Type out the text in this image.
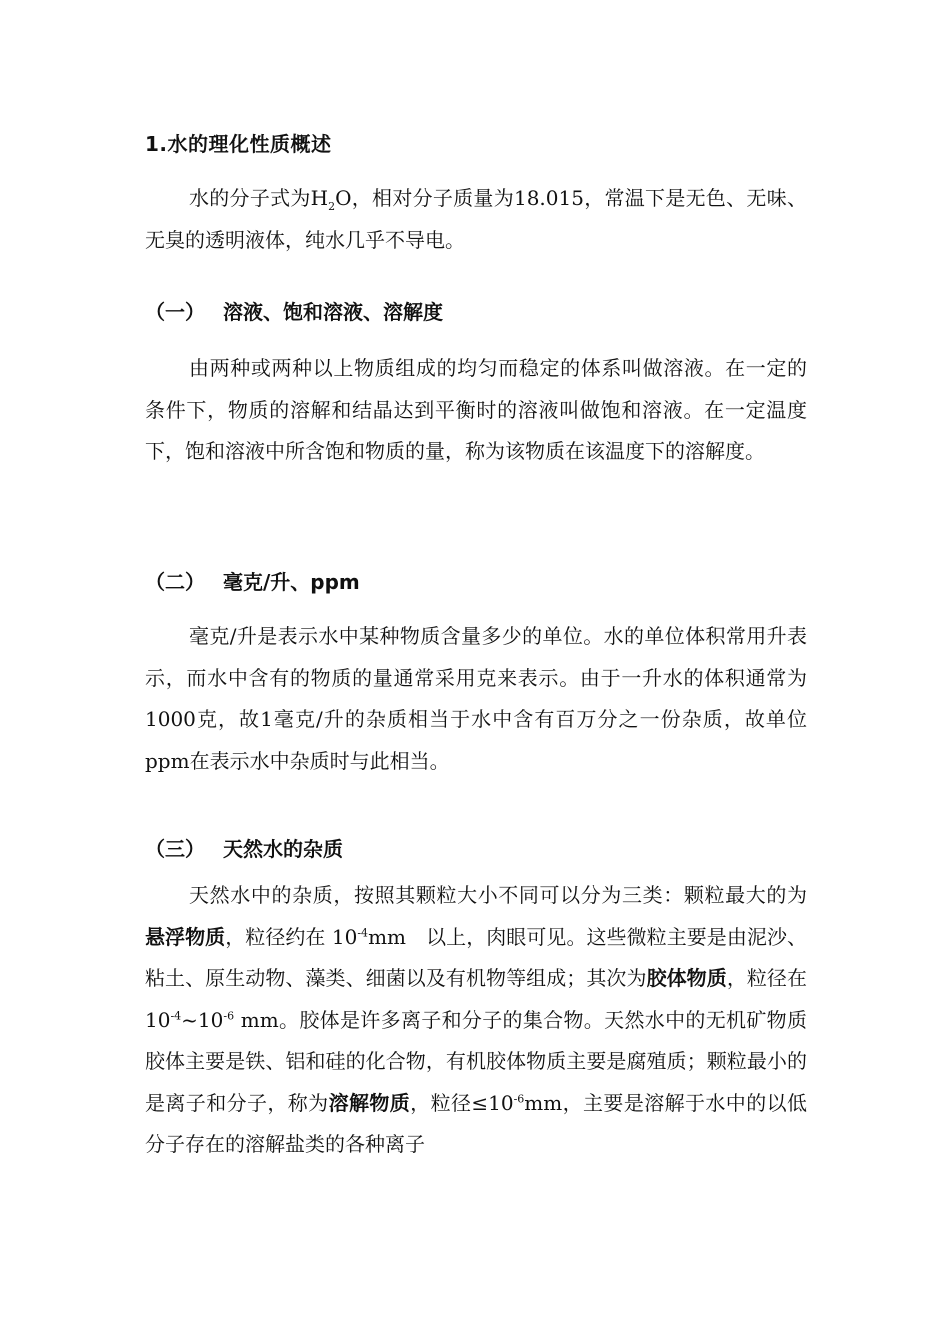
1.水的理化性质概述

水的分子式为$H_2O$，相对分子质量为18.015，常温下是无色、无味、无臭的透明液体，纯水几乎不导电。

（一） 溶液、饱和溶液、溶解度

由两种或两种以上物质组成的均匀而稳定的体系叫做溶液。在一定的条件下，物质的溶解和结晶达到平衡时的溶液叫做饱和溶液。在一定温度下，饱和溶液中所含饱和物质的量，称为该物质在该温度下的溶解度。

（二） 毫克/升、ppm

毫克/升是表示水中某种物质含量多少的单位。水的单位体积常用升表示，而水中含有的物质的量通常采用克来表示。由于一升水的体积通常为1000克，故1毫克/升的杂质相当于水中含有百万分之一份杂质，故单位ppm在表示水中杂质时与此相当。

（三） 天然水的杂质

天然水中的杂质，按照其颗粒大小不同可以分为三类：颗粒最大的为悬浮物质，粒径约在 $10^{-4}mm$　以上，肉眼可见。这些微粒主要是由泥沙、粘土、原生动物、藻类、细菌以及有机物等组成；其次为胶体物质，粒径在 $10^{-4}\sim 10^{-6}$ mm。胶体是许多离子和分子的集合物。天然水中的无机矿物质胶体主要是铁、铝和硅的化合物，有机胶体物质主要是腐殖质；颗粒最小的是离子和分子，称为溶解物质，粒径$\le 10^{-6}mm$，主要是溶解于水中的以低分子存在的溶解盐类的各种离子
